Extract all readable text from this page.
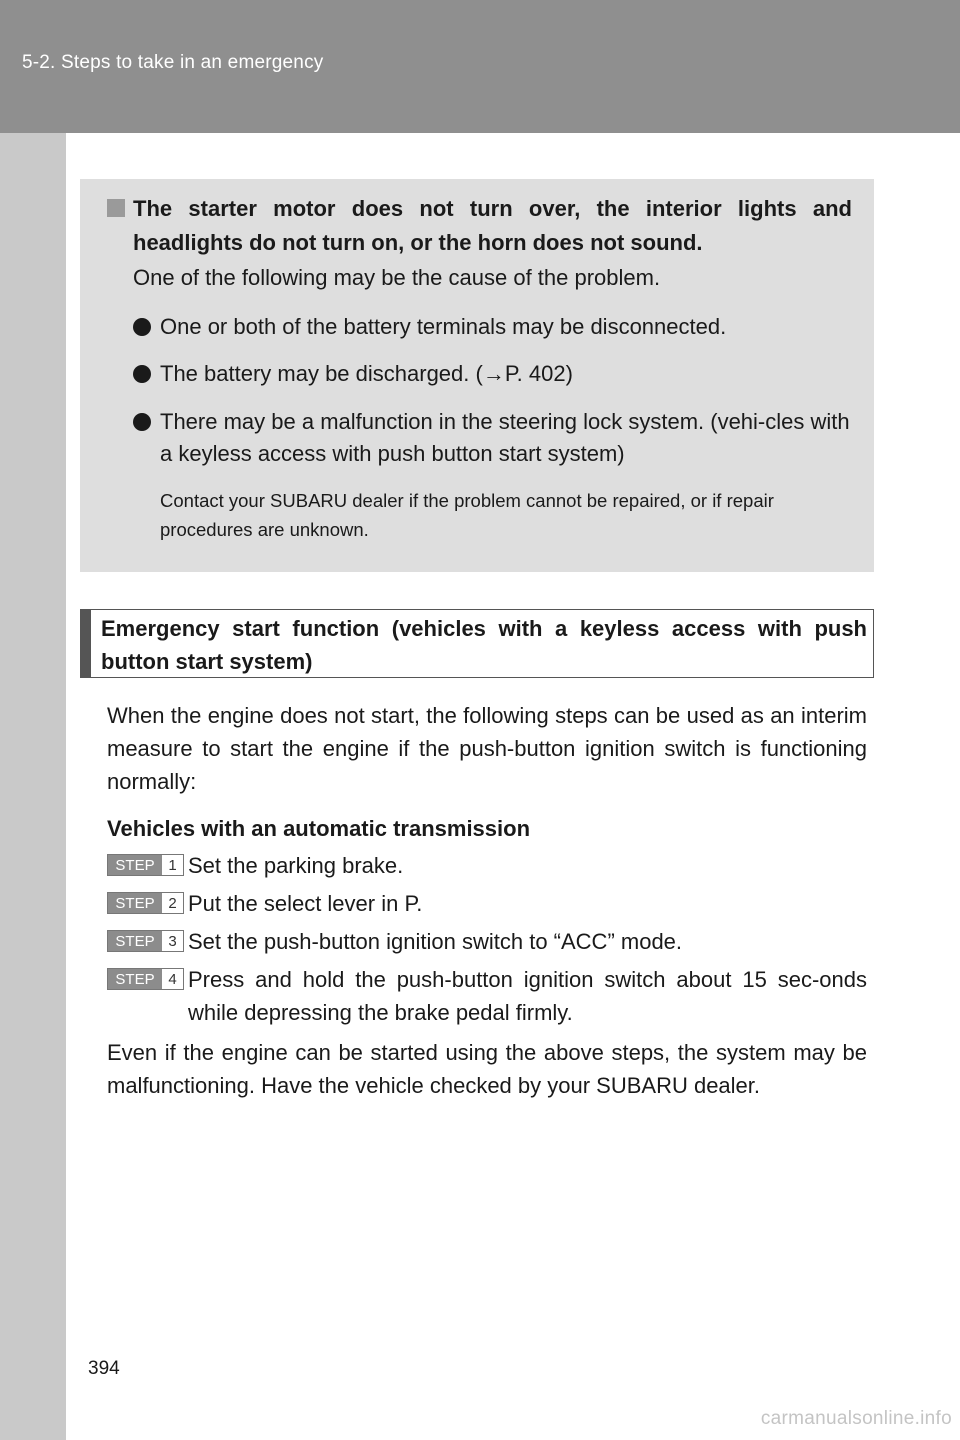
5-2. Steps to take in an emergency
The starter motor does not turn over, the interior lights and headlights do not turn on, or the horn does not sound.
One of the following may be the cause of the problem.
One or both of the battery terminals may be disconnected.
The battery may be discharged. (→P. 402)
There may be a malfunction in the steering lock system. (vehi-cles with a keyless access with push button start system)
Contact your SUBARU dealer if the problem cannot be repaired, or if repair procedures are unknown.
Emergency start function (vehicles with a keyless access with push button start system)
When the engine does not start, the following steps can be used as an interim measure to start the engine if the push-button ignition switch is functioning normally:
Vehicles with an automatic transmission
STEP 1 Set the parking brake.
STEP 2 Put the select lever in P.
STEP 3 Set the push-button ignition switch to “ACC” mode.
STEP 4 Press and hold the push-button ignition switch about 15 sec-onds while depressing the brake pedal firmly.
Even if the engine can be started using the above steps, the system may be malfunctioning. Have the vehicle checked by your SUBARU dealer.
394
carmanualsonline.info
